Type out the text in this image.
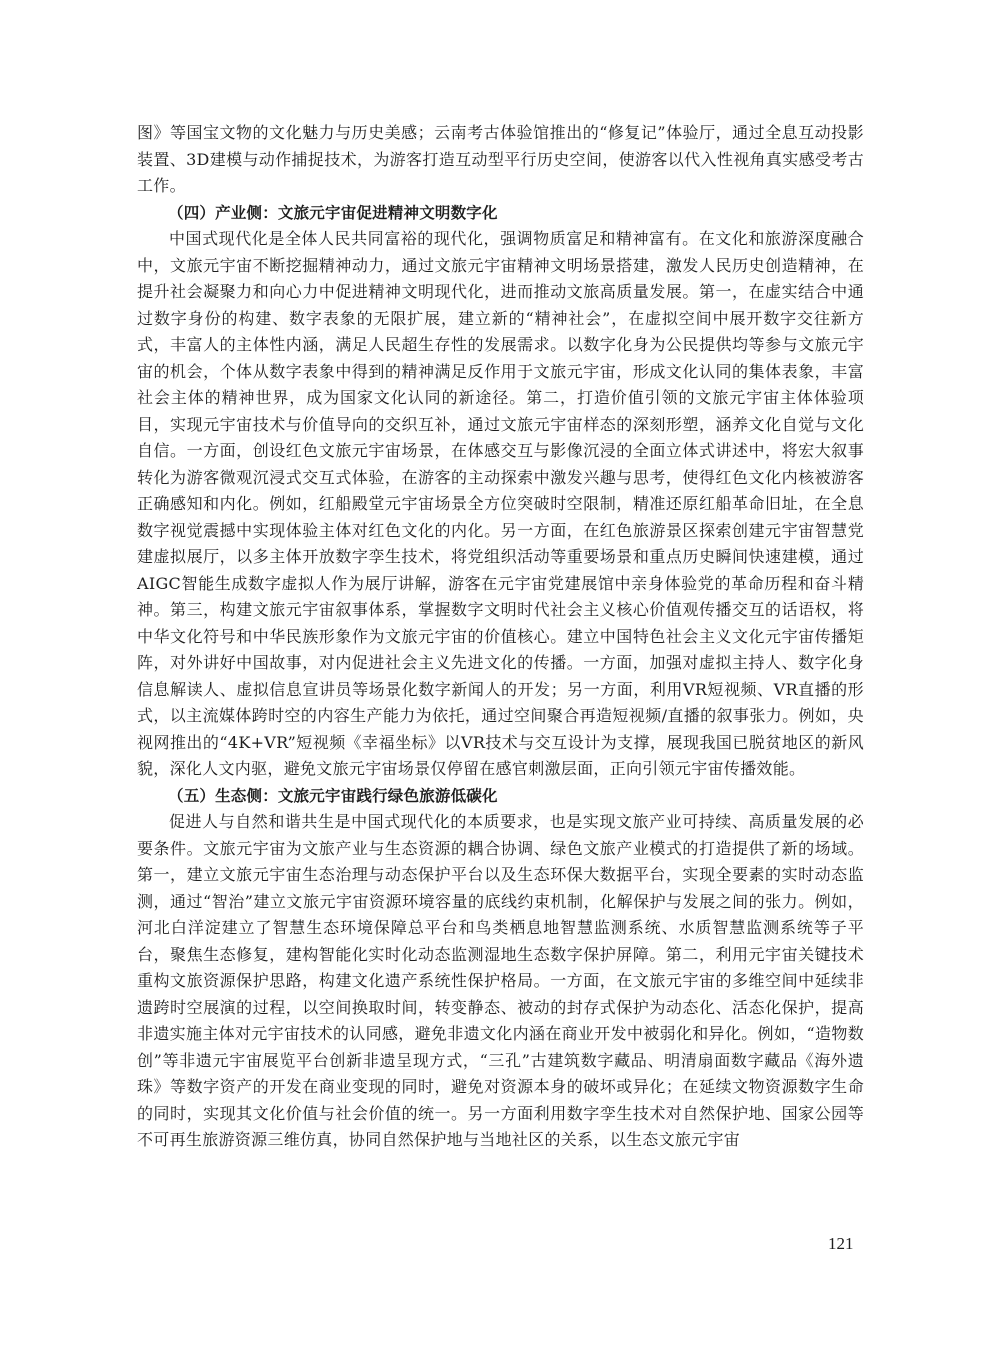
图》等国宝文物的文化魅力与历史美感；云南考古体验馆推出的“修复记”体验厅，通过全息互动投影装置、3D建模与动作捕捉技术，为游客打造互动型平行历史空间，使游客以代入性视角真实感受考古工作。

（四）产业侧：文旅元宇宙促进精神文明数字化

中国式现代化是全体人民共同富裕的现代化，强调物质富足和精神富有。在文化和旅游深度融合中，文旅元宇宙不断挖掘精神动力，通过文旅元宇宙精神文明场景搭建，激发人民历史创造精神，在提升社会凝聚力和向心力中促进精神文明现代化，进而推动文旅高质量发展。第一，在虚实结合中通过数字身份的构建、数字表象的无限扩展，建立新的“精神社会”，在虚拟空间中展开数字交往新方式，丰富人的主体性内涵，满足人民超生存性的发展需求。以数字化身为公民提供均等参与文旅元宇宙的机会，个体从数字表象中得到的精神满足反作用于文旅元宇宙，形成文化认同的集体表象，丰富社会主体的精神世界，成为国家文化认同的新途径。第二，打造价值引领的文旅元宇宙主体体验项目，实现元宇宙技术与价值导向的交织互补，通过文旅元宇宙样态的深刻形塑，涵养文化自觉与文化自信。一方面，创设红色文旅元宇宙场景，在体感交互与影像沉浸的全面立体式讲述中，将宏大叙事转化为游客微观沉浸式交互式体验，在游客的主动探索中激发兴趣与思考，使得红色文化内核被游客正确感知和内化。例如，红船殿堂元宇宙场景全方位突破时空限制，精准还原红船革命旧址，在全息数字视觉震撼中实现体验主体对红色文化的内化。另一方面，在红色旅游景区探索创建元宇宙智慧党建虚拟展厅，以多主体开放数字孪生技术，将党组织活动等重要场景和重点历史瞬间快速建模，通过AIGC智能生成数字虚拟人作为展厅讲解，游客在元宇宙党建展馆中亲身体验党的革命历程和奋斗精神。第三，构建文旅元宇宙叙事体系，掌握数字文明时代社会主义核心价值观传播交互的话语权，将中华文化符号和中华民族形象作为文旅元宇宙的价值核心。建立中国特色社会主义文化元宇宙传播矩阵，对外讲好中国故事，对内促进社会主义先进文化的传播。一方面，加强对虚拟主持人、数字化身信息解读人、虚拟信息宣讲员等场景化数字新闻人的开发；另一方面，利用VR短视频、VR直播的形式，以主流媒体跨时空的内容生产能力为依托，通过空间聚合再造短视频/直播的叙事张力。例如，央视网推出的“4K+VR”短视频《幸福坐标》以VR技术与交互设计为支撑，展现我国已脱贫地区的新风貌，深化人文内驱，避免文旅元宇宙场景仅停留在感官刺激层面，正向引领元宇宙传播效能。

（五）生态侧：文旅元宇宙践行绿色旅游低碳化

促进人与自然和谐共生是中国式现代化的本质要求，也是实现文旅产业可持续、高质量发展的必要条件。文旅元宇宙为文旅产业与生态资源的耦合协调、绿色文旅产业模式的打造提供了新的场域。第一，建立文旅元宇宙生态治理与动态保护平台以及生态环保大数据平台，实现全要素的实时动态监测，通过“智治”建立文旅元宇宙资源环境容量的底线约束机制，化解保护与发展之间的张力。例如，河北白洋淀建立了智慧生态环境保障总平台和鸟类栖息地智慧监测系统、水质智慧监测系统等子平台，聚焦生态修复，建构智能化实时化动态监测湿地生态数字保护屏障。第二，利用元宇宙关键技术重构文旅资源保护思路，构建文化遗产系统性保护格局。一方面，在文旅元宇宙的多维空间中延续非遗跨时空展演的过程，以空间换取时间，转变静态、被动的封存式保护为动态化、活态化保护，提高非遗实施主体对元宇宙技术的认同感，避免非遗文化内涵在商业开发中被弱化和异化。例如，“造物数创”等非遗元宇宙展览平台创新非遗呈现方式，“三孔”古建筑数字藏品、明清扇面数字藏品《海外遗珠》等数字资产的开发在商业变现的同时，避免对资源本身的破坏或异化；在延续文物资源数字生命的同时，实现其文化价值与社会价值的统一。另一方面利用数字孪生技术对自然保护地、国家公园等不可再生旅游资源三维仿真，协同自然保护地与当地社区的关系，以生态文旅元宇宙

121
